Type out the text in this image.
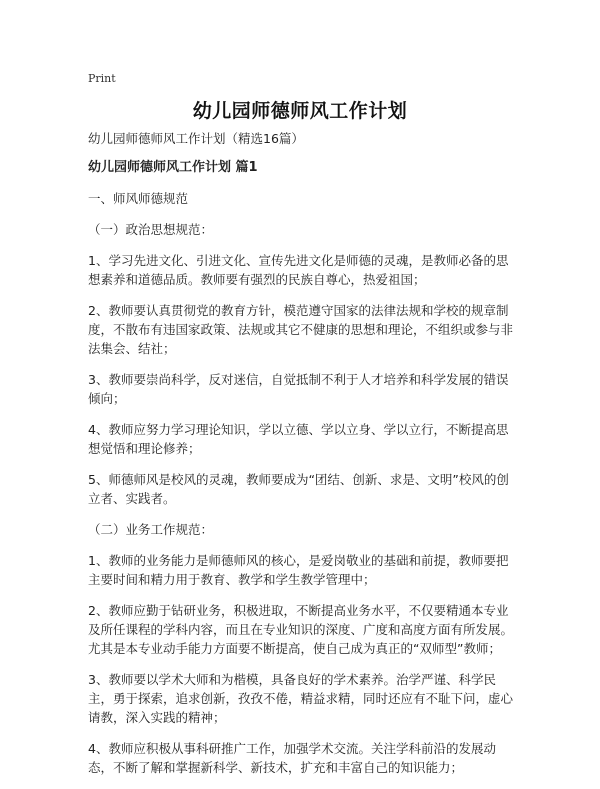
Print
幼儿园师德师风工作计划

幼儿园师德师风工作计划（精选16篇）

幼儿园师德师风工作计划 篇1

一、师风师德规范

（一）政治思想规范：

1、学习先进文化、引进文化、宣传先进文化是师德的灵魂，是教师必备的思想素养和道德品质。教师要有强烈的民族自尊心，热爱祖国；

2、教师要认真贯彻党的教育方针，模范遵守国家的法律法规和学校的规章制度，不散布有违国家政策、法规或其它不健康的思想和理论，不组织或参与非法集会、结社；

3、教师要崇尚科学，反对迷信，自觉抵制不利于人才培养和科学发展的错误倾向；

4、教师应努力学习理论知识，学以立德、学以立身、学以立行，不断提高思想觉悟和理论修养；

5、师德师风是校风的灵魂，教师要成为“团结、创新、求是、文明”校风的创立者、实践者。

（二）业务工作规范：

1、教师的业务能力是师德师风的核心，是爱岗敬业的基础和前提，教师要把主要时间和精力用于教育、教学和学生教学管理中；

2、教师应勤于钻研业务，积极进取，不断提高业务水平，不仅要精通本专业及所任课程的学科内容，而且在专业知识的深度、广度和高度方面有所发展。尤其是本专业动手能力方面要不断提高，使自己成为真正的“双师型”教师；

3、教师要以学术大师和为楷模，具备良好的学术素养。治学严谨、科学民主，勇于探索，追求创新，孜孜不倦，精益求精，同时还应有不耻下问，虚心请教，深入实践的精神；

4、教师应积极从事科研推广工作，加强学术交流。关注学科前沿的发展动态，不断了解和掌握新科学、新技术，扩充和丰富自己的知识能力；
